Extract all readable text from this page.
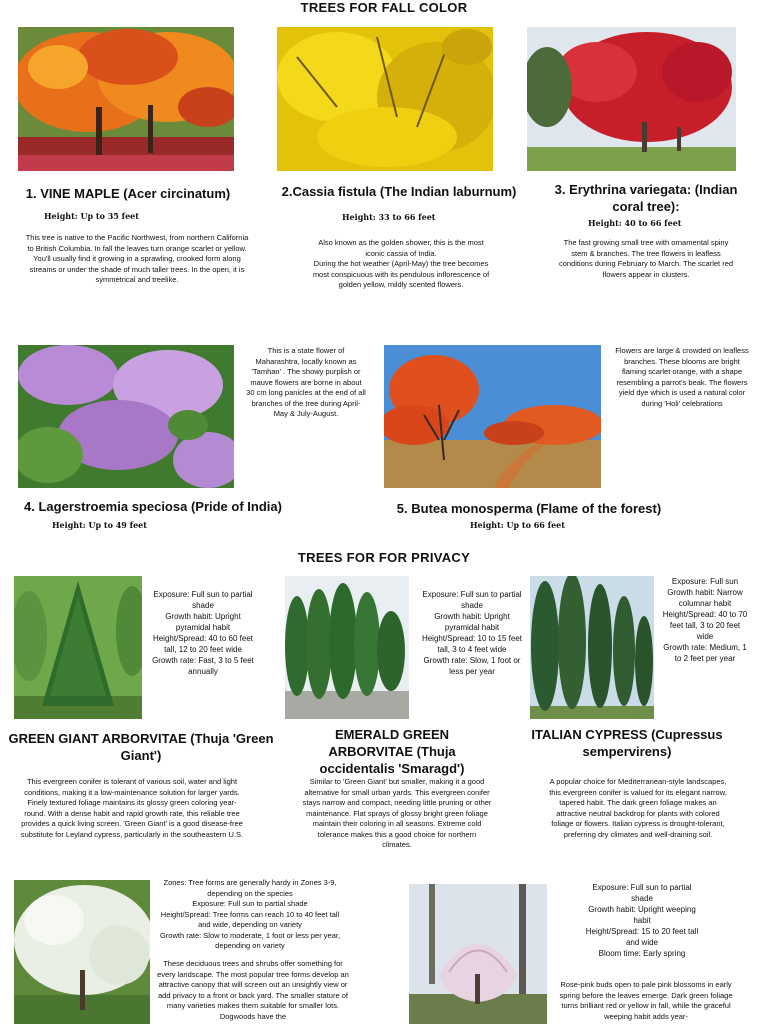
TREES FOR FALL COLOR
1. VINE MAPLE (Acer circinatum)
Height: Up to 35 feet
This tree is native to the Pacific Northwest, from northern California to British Columbia. In fall the leaves turn orange scarlet or yellow. You'll usually find it growing in a sprawling, crooked form along streams or under the shade of much taller trees. In the open, it is symmetrical and treelike.
2.Cassia fistula (The Indian laburnum)
Height: 33 to 66 feet
Also known as the golden shower, this is the most iconic cassia of India.
During the hot weather (April-May) the tree becomes most conspicuous with its pendulous inflorescence of golden yellow, mildly scented flowers.
3. Erythrina variegata: (Indian coral tree):
Height: 40 to 66 feet
The fast growing small tree with ornamental spiny stem & branches. The tree flowers in leafless conditions during February to March. The scarlet red flowers appear in clusters.
This is a state flower of Maharashtra, locally known as 'Tamhan' . The showy purplish or mauve flowers are borne in about 30 cm long panicles at the end of all branches of the tree during April-May & July-August.
Flowers are large & crowded on leafless branches. These blooms are bright flaming scarlet orange, with a shape resembling a parrot's beak. The flowers yield dye which is used a natural color during 'Holi' celebrations
4. Lagerstroemia speciosa (Pride of India)
Height: Up to 49 feet
5. Butea monosperma (Flame of the forest)
Height: Up to 66 feet
TREES FOR FOR PRIVACY
Exposure: Full sun to partial shade
Growth habit: Upright pyramidal habit
Height/Spread: 40 to 60 feet tall, 12 to 20 feet wide
Growth rate: Fast, 3 to 5 feet annually
Exposure: Full sun to partial shade
Growth habit: Upright pyramidal habit
Height/Spread: 10 to 15 feet tall, 3 to 4 feet wide
Growth rate: Slow, 1 foot or less per year
Exposure: Full sun
Growth habit: Narrow columnar habit
Height/Spread: 40 to 70 feet tall, 3 to 20 feet wide
Growth rate: Medium, 1 to 2 feet per year
GREEN GIANT ARBORVITAE (Thuja 'Green Giant')
EMERALD GREEN ARBORVITAE (Thuja occidentalis 'Smaragd')
ITALIAN CYPRESS (Cupressus sempervirens)
This evergreen conifer is tolerant of various soil, water and light conditions, making it a low-maintenance solution for larger yards. Finely textured foliage maintains its glossy green coloring year-round. With a dense habit and rapid growth rate, this reliable tree provides a quick living screen. 'Green Giant' is a good disease-free substitute for Leyland cypress, particularly in the southeastern U.S.
Similar to 'Green Giant' but smaller, making it a good alternative for small urban yards. This evergreen conifer stays narrow and compact, needing little pruning or other maintenance. Flat sprays of glossy bright green foliage maintain their coloring in all seasons. Extreme cold tolerance makes this a good choice for northern climates.
A popular choice for Mediterranean-style landscapes, this evergreen conifer is valued for its elegant narrow, tapered habit. The dark green foliage makes an attractive neutral backdrop for plants with colored foliage or flowers. Italian cypress is drought-tolerant, preferring dry climates and well-draining soil.
Zones: Tree forms are generally hardy in Zones 3-9, depending on the species
Exposure: Full sun to partial shade
Height/Spread: Tree forms can reach 10 to 40 feet tall and wide, depending on variety
Growth rate: Slow to moderate, 1 foot or less per year, depending on variety
These deciduous trees and shrubs offer something for every landscape. The most popular tree forms develop an attractive canopy that will screen out an unsightly view or add privacy to a front or back yard. The smaller stature of many varieties makes them suitable for smaller lots. Dogwoods have the
Exposure: Full sun to partial shade
Growth habit: Upright weeping habit
Height/Spread: 15 to 20 feet tall and wide
Bloom time: Early spring
Rose-pink buds open to pale pink blossoms in early spring before the leaves emerge. Dark green foliage turns brilliant red or yellow in fall, while the graceful weeping habit adds year-
